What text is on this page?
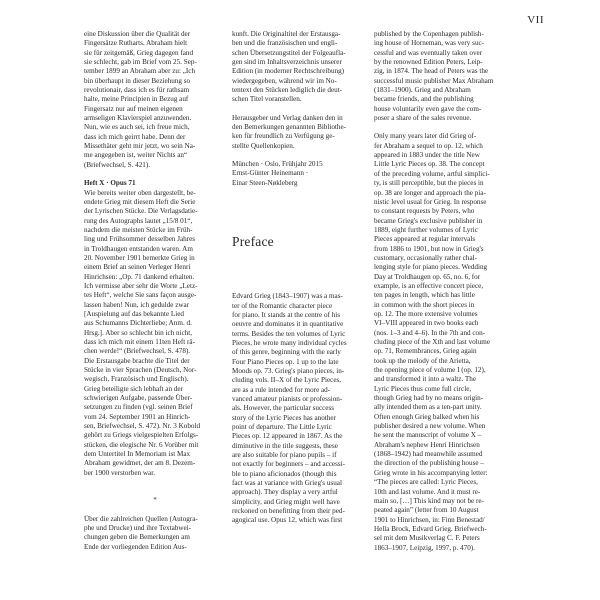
VII

eine Diskussion über die Qualität der
Fingersätze Rutharts. Abraham hielt
sie für zeitgemäß, Grieg dagegen fand
sie schlecht, gab im Brief vom 25. Sep-
tember 1899 an Abraham aber zu: „Ich
bin überhaupt in dieser Beziehung so
revolutionair, dass ich es für rathsam
halte, meine Principien in Bezug auf
Fingersatz nur auf meinen eigenen
armseligen Klavierspiel anzuwenden.
Nun, wie es auch sei, ich freue mich,
dass ich mich geirrt habe. Denn der
Missethäter geht mir jetzt, wo sein Na-
me angegeben ist, weiter Nichts an“
(Briefwechsel, S. 421).

Heft X · Opus 71

Wie bereits weiter oben dargestellt, be-
endete Grieg mit diesem Heft die Serie
der Lyrischen Stücke. Die Verlagsdatie-
rung des Autographs lautet „15/8 01“,
nachdem die meisten Stücke im Früh-
ling und Frühsommer desselben Jahres
in Troldhaugen entstanden waren. Am
20. November 1901 bemerkte Grieg in
einem Brief an seinen Verleger Henri
Hinrichsen: „Op. 71 dankend erhalten.
Ich vermisse aber sehr die Worte „Letz-
tes Heft“, welche Sie sans façon ausge-
lassen haben! Nun, ich gedulde zwar
[Auspielung auf das bekannte Lied
aus Schumanns Dichterliebe; Anm. d.
Hrsg.]. Aber so schlecht bin ich nicht,
dass ich mich mit einem 11ten Heft rä-
chen werde!“ (Briefwechsel, S. 478).
Die Erstausgabe brachte die Titel der
Stücke in vier Sprachen (Deutsch, Nor-
wegisch, Französisch und Englisch).
Grieg beteiligte sich lebhaft an der
schwierigen Aufgabe, passende Über-
setzungen zu finden (vgl. seinen Brief
vom 24. September 1901 an Hinrich-
sen, Briefwechsel, S. 472). Nr. 3 Kobold
gehört zu Griegs vielgespielten Erfolgs-
stücken, die elegische Nr. 6 Vorüber mit
dem Untertitel In Memoriam ist Max
Abraham gewidmet, der am 8. Dezem-
ber 1900 verstorben war.

*

Über die zahlreichen Quellen (Autogra-
phe und Drucke) und ihre Textabwei-
chungen geben die Bemerkungen am
Ende der vorliegenden Edition Aus-

kunft. Die Originaltitel der Erstausga-
ben und die französischen und engli-
schen Übersetzungstitel der Folgeaufla-
gen sind im Inhaltsverzeichnis unserer
Edition (in moderner Rechtschreibung)
wiedergegeben, während wir im No-
tentext den Stücken lediglich die deut-
schen Titel voranstellen.

Herausgeber und Verlag danken den in
den Bemerkungen genannten Bibliothe-
ken für freundlich zu Verfügung ge-
stellte Quellenkopien.

München · Oslo, Frühjahr 2015
Ernst-Günter Heinemann ·
Einar Steen-Nøkleberg

Preface

Edvard Grieg (1843–1907) was a mas-
ter of the Romantic character piece
for piano. It stands at the centre of his
oeuvre and dominates it in quantitative
terms. Besides the ten volumes of Lyric
Pieces, he wrote many individual cycles
of this genre, beginning with the early
Four Piano Pieces op. 1 up to the late
Moods op. 73. Grieg's piano pieces, in-
cluding vols. II–X of the Lyric Pieces,
are as a rule intended for more ad-
vanced amateur pianists or profession-
als. However, the particular success
story of the Lyric Pieces has another
point of departure. The Little Lyric
Pieces op. 12 appeared in 1867. As the
diminutive in the title suggests, these
are also suitable for piano pupils – if
not exactly for beginners – and accessi-
ble to piano aficionados (though this
fact was at variance with Grieg's usual
approach). They display a very artful
simplicity, and Grieg might well have
reckoned on benefitting from their ped-
agogical use. Opus 12, which was first

published by the Copenhagen publish-
ing house of Horneman, was very suc-
cessful and was eventually taken over
by the renowned Edition Peters, Leip-
zig, in 1874. The head of Peters was the
successful music publisher Max Abraham
(1831–1900). Grieg and Abraham
became friends, and the publishing
house voluntarily even gave the com-
poser a share of the sales revenue.

Only many years later did Grieg of-
fer Abraham a sequel to op. 12, which
appeared in 1883 under the title New
Little Lyric Pieces op. 38. The concept
of the preceding volume, artful simplici-
ty, is still perceptible, but the pieces in
op. 38 are longer and approach the pia-
nistic level usual for Grieg. In response
to constant requests by Peters, who
became Grieg's exclusive publisher in
1889, eight further volumes of Lyric
Pieces appeared at regular intervals
from 1886 to 1901, but now in Grieg's
customary, occasionally rather chal-
lenging style for piano pieces. Wedding
Day at Troldhaugen op. 65, no. 6, for
example, is an effective concert piece,
ten pages in length, which has little
in common with the short pieces in
op. 12. The more extensive volumes
VI–VIII appeared in two books each
(nos. 1–3 and 4–6). In the 7th and con-
cluding piece of the Xth and last volume
op. 71, Remembrances, Grieg again
took up the melody of the Arietta,
the opening piece of volume I (op. 12),
and transformed it into a waltz. The
Lyric Pieces thus come full circle,
though Grieg had by no means origin-
ally intended them as a ten-part unity.
Often enough Grieg balked when his
publisher desired a new volume. When
he sent the manuscript of volume X –
Abraham's nephew Henri Hinrichsen
(1868–1942) had meanwhile assumed
the direction of the publishing house –
Grieg wrote in his accompanying letter:
“The pieces are called: Lyric Pieces,
10th and last volume. And it must re-
main so, […] This kind may not be re-
peated again” (letter from 10 August
1901 to Hinrichsen, in: Finn Benestad/
Hella Brock, Edvard Grieg. Briefwech-
sel mit dem Musikverlag C. F. Peters
1863–1907, Leipzig, 1997, p. 470).
